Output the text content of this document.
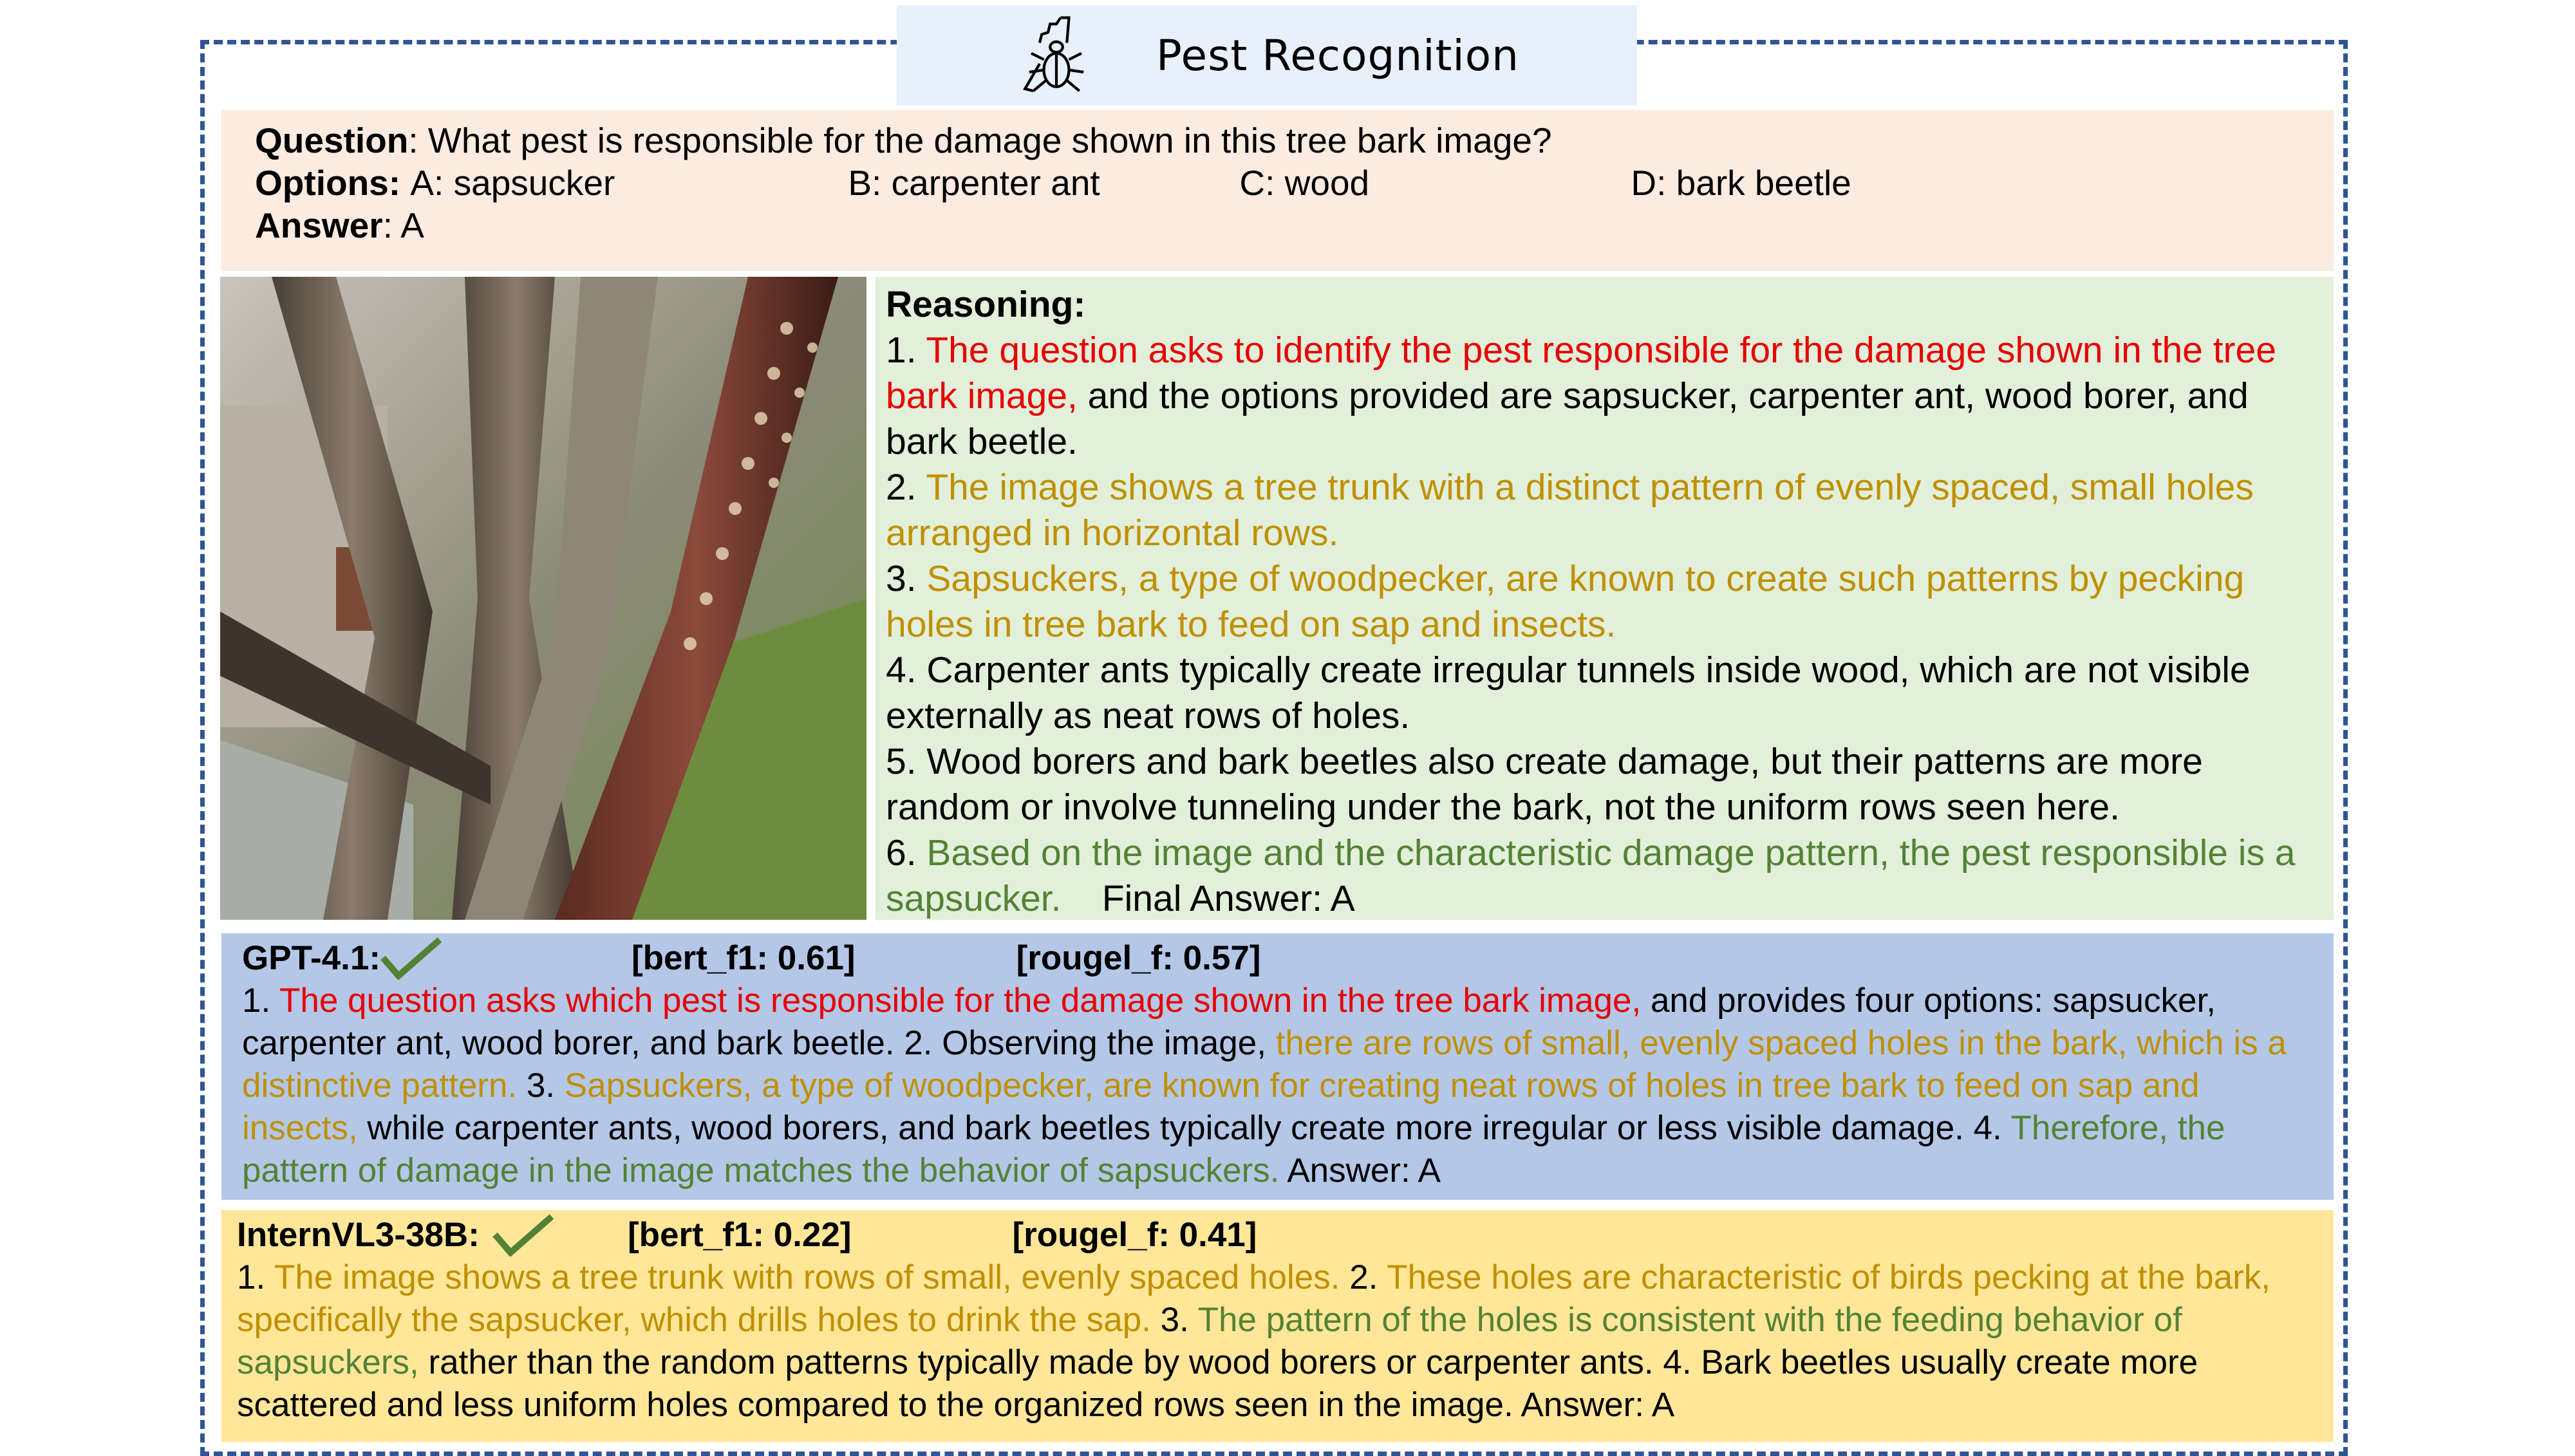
Pest Recognition
Question: What pest is responsible for the damage shown in this tree bark image?
Options:
A: sapsucker	B: carpenter ant	C: wood	D: bark beetle
Answer: A
Reasoning:
1. The question asks to identify the pest responsible for the damage shown in the tree bark image, and the options provided are sapsucker, carpenter ant, wood borer, and bark beetle.
2. The image shows a tree trunk with a distinct pattern of evenly spaced, small holes arranged in horizontal rows.
3. Sapsuckers, a type of woodpecker, are known to create such patterns by pecking holes in tree bark to feed on sap and insects.
4. Carpenter ants typically create irregular tunnels inside wood, which are not visible externally as neat rows of holes.
5. Wood borers and bark beetles also create damage, but their patterns are more random or involve tunneling under the bark, not the uniform rows seen here.
6. Based on the image and the characteristic damage pattern, the pest responsible is a sapsucker.    Final Answer: A
GPT-4.1:	[bert_f1: 0.61]	[rougel_f: 0.57]
1. The question asks which pest is responsible for the damage shown in the tree bark image, and provides four options: sapsucker, carpenter ant, wood borer, and bark beetle. 2. Observing the image, there are rows of small, evenly spaced holes in the bark, which is a distinctive pattern. 3. Sapsuckers, a type of woodpecker, are known for creating neat rows of holes in tree bark to feed on sap and insects, while carpenter ants, wood borers, and bark beetles typically create more irregular or less visible damage. 4. Therefore, the pattern of damage in the image matches the behavior of sapsuckers. Answer: A
InternVL3-38B:	[bert_f1: 0.22]	[rougel_f: 0.41]
1. The image shows a tree trunk with rows of small, evenly spaced holes. 2. These holes are characteristic of birds pecking at the bark, specifically the sapsucker, which drills holes to drink the sap. 3. The pattern of the holes is consistent with the feeding behavior of sapsuckers, rather than the random patterns typically made by wood borers or carpenter ants. 4. Bark beetles usually create more scattered and less uniform holes compared to the organized rows seen in the image. Answer: A
